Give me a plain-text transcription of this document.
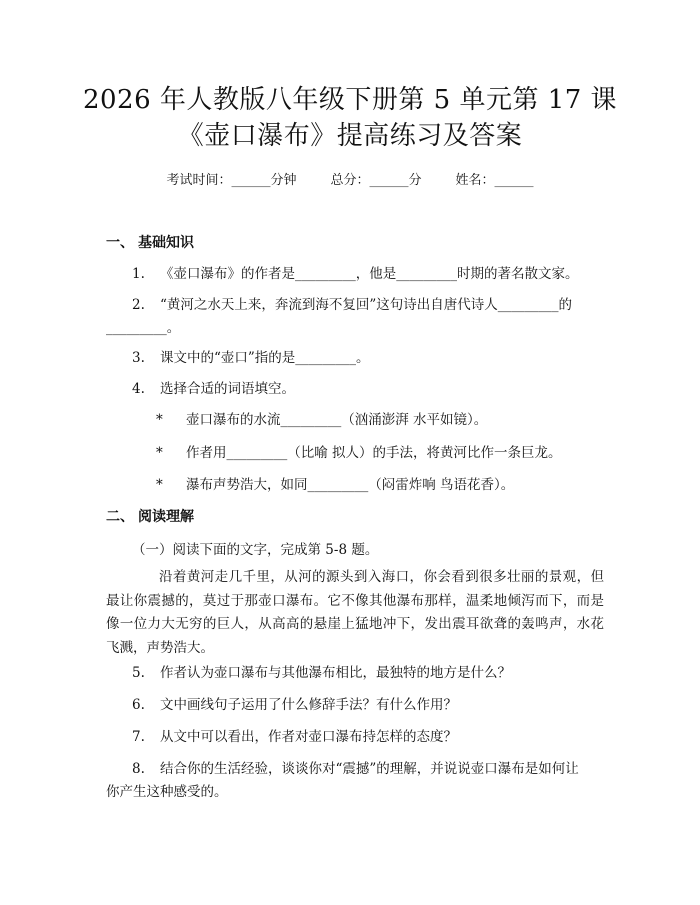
2026 年人教版八年级下册第 5 单元第 17 课
《壶口瀑布》提高练习及答案
考试时间：______分钟	总分：______分	姓名：______
一、 基础知识
1. 《壶口瀑布》的作者是_________，他是_________时期的著名散文家。
2. “黄河之水天上来，奔流到海不复回”这句诗出自唐代诗人_________的
_________。
3. 课文中的“壶口”指的是_________。
4. 选择合适的词语填空。
* 壶口瀑布的水流_________（汹涌澎湃 水平如镜）。
* 作者用_________（比喻 拟人）的手法，将黄河比作一条巨龙。
* 瀑布声势浩大，如同_________（闷雷炸响 鸟语花香）。
二、 阅读理解
（一）阅读下面的文字，完成第 5-8 题。
沿着黄河走几千里，从河的源头到入海口，你会看到很多壮丽的景观，但最让你震撼的，莫过于那壶口瀑布。它不像其他瀑布那样，温柔地倾泻而下，而是像一位力大无穷的巨人，从高高的悬崖上猛地冲下，发出震耳欲聋的轰鸣声，水花飞溅，声势浩大。
5. 作者认为壶口瀑布与其他瀑布相比，最独特的地方是什么？
6. 文中画线句子运用了什么修辞手法？有什么作用？
7. 从文中可以看出，作者对壶口瀑布持怎样的态度？
8. 结合你的生活经验，谈谈你对“震撼”的理解，并说说壶口瀑布是如何让
你产生这种感受的。
